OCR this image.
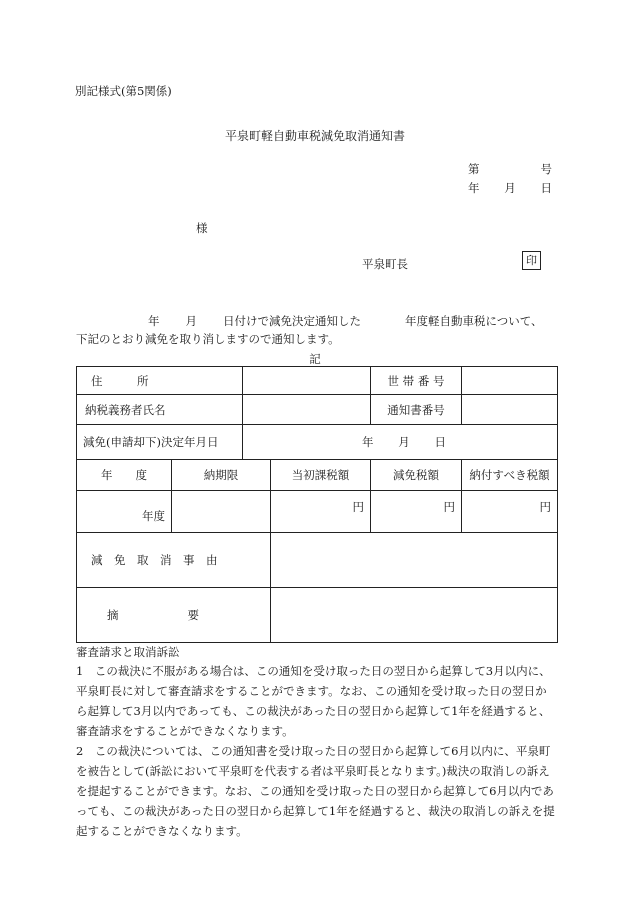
別記様式(第5関係)
平泉町軽自動車税減免取消通知書
第	号
年 月 日
様
平泉町長	印
年 月 日付けで減免決定通知した	年度軽自動車税について、
下記のとおり減免を取り消しますので通知します。
記
住　　　所				世 帯 番 号	
納税義務者氏名				通知書番号	
減免(申請却下)決定年月日		年 月 日			

年　　度	納期限		当初課税額	減免税額	納付すべき税額
年度			円	円	円
減　免　取　消　事　由					
摘　　　　　　要					
審査請求と取消訴訟
1　この裁決に不服がある場合は、この通知を受け取った日の翌日から起算して3月以内に、平泉町長に対して審査請求をすることができます。なお、この通知を受け取った日の翌日から起算して3月以内であっても、この裁決があった日の翌日から起算して1年を経過すると、審査請求をすることができなくなります。
2　この裁決については、この通知書を受け取った日の翌日から起算して6月以内に、平泉町を被告として(訴訟において平泉町を代表する者は平泉町長となります。)裁決の取消しの訴えを提起することができます。なお、この通知を受け取った日の翌日から起算して6月以内であっても、この裁決があった日の翌日から起算して1年を経過すると、裁決の取消しの訴えを提起することができなくなります。
